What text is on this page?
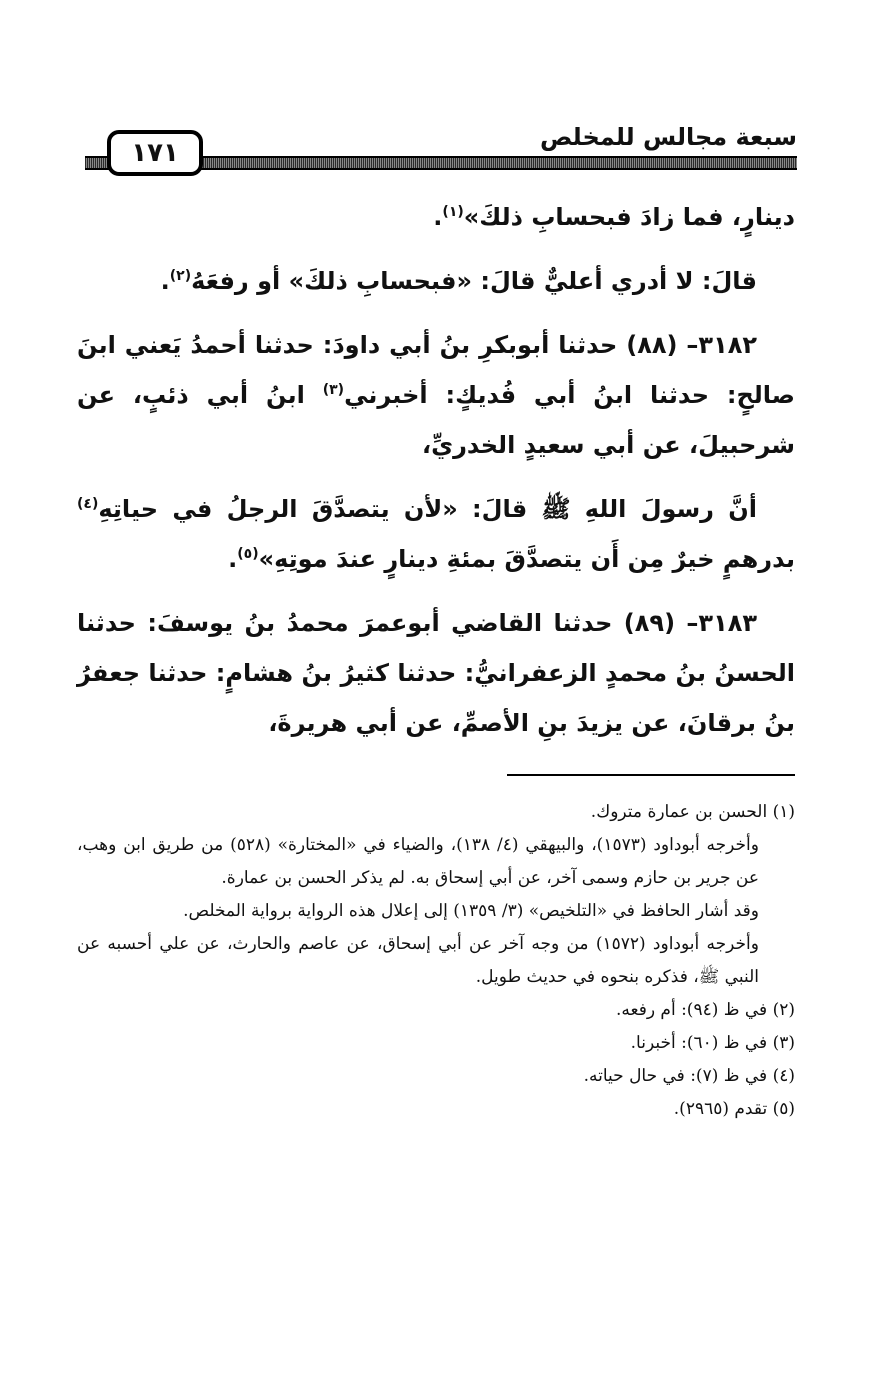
سبعة مجالس للمخلص
١٧١

دينارٍ، فما زادَ فبحسابِ ذلكَ»$^{(١)}$.

قالَ: لا أدري أعليٌّ قالَ: «فبحسابِ ذلكَ» أو رفعَهُ$^{(٢)}$.

٣١٨٢– (٨٨) حدثنا أبوبكرِ بنُ أبي داودَ: حدثنا أحمدُ يَعني ابنَ صالحٍ: حدثنا ابنُ أبي فُديكٍ: أخبرني$^{(٣)}$ ابنُ أبي ذئبٍ، عن شرحبيلَ، عن أبي سعيدٍ الخدريِّ،

أنَّ رسولَ اللهِ ﷺ قالَ: «لأن يتصدَّقَ الرجلُ في حياتِهِ$^{(٤)}$ بدرهمٍ خيرٌ مِن أَن يتصدَّقَ بمئةِ دينارٍ عندَ موتِهِ»$^{(٥)}$.

٣١٨٣– (٨٩) حدثنا القاضي أبوعمرَ محمدُ بنُ يوسفَ: حدثنا الحسنُ بنُ محمدٍ الزعفرانيُّ: حدثنا كثيرُ بنُ هشامٍ: حدثنا جعفرُ بنُ برقانَ، عن يزيدَ بنِ الأصمِّ، عن أبي هريرةَ،

(١) الحسن بن عمارة متروك.

وأخرجه أبوداود (١٥٧٣)، والبيهقي (٤/ ١٣٨)، والضياء في «المختارة» (٥٢٨) من طريق ابن وهب، عن جرير بن حازم وسمى آخر، عن أبي إسحاق به. لم يذكر الحسن بن عمارة.

وقد أشار الحافظ في «التلخيص» (٣/ ١٣٥٩) إلى إعلال هذه الرواية برواية المخلص.

وأخرجه أبوداود (١٥٧٢) من وجه آخر عن أبي إسحاق، عن عاصم والحارث، عن علي أحسبه عن النبي ﷺ، فذكره بنحوه في حديث طويل.

(٢) في ظ (٩٤): أم رفعه.

(٣) في ظ (٦٠): أخبرنا.

(٤) في ظ (٧): في حال حياته.

(٥) تقدم (٢٩٦٥).
